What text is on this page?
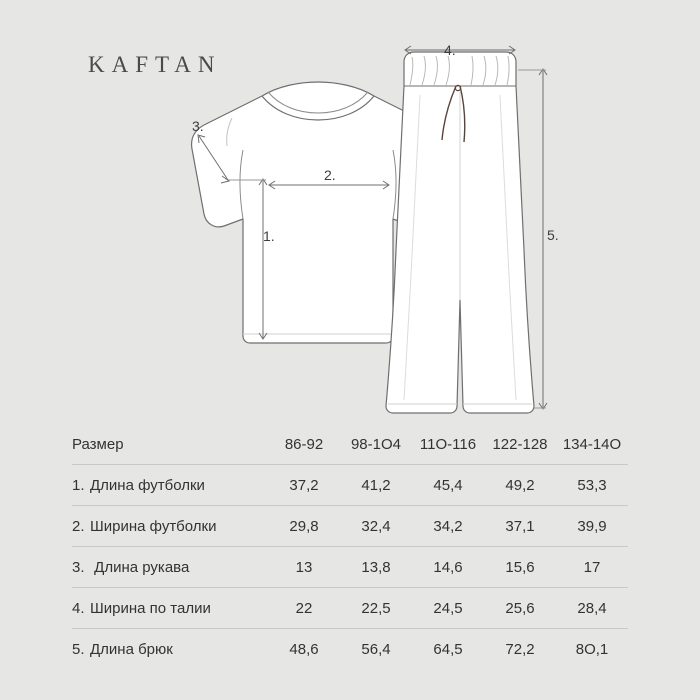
KAFTAN
1.
2.
3.
4.
5.
Размер	86-92	98-1О4	11О-116	122-128	134-14О
1. Длина футболки	37,2	41,2	45,4	49,2	53,3
2. Ширина футболки	29,8	32,4	34,2	37,1	39,9
3. Длина рукава	13	13,8	14,6	15,6	17
4. Ширина по талии	22	22,5	24,5	25,6	28,4
5. Длина брюк	48,6	56,4	64,5	72,2	8О,1
